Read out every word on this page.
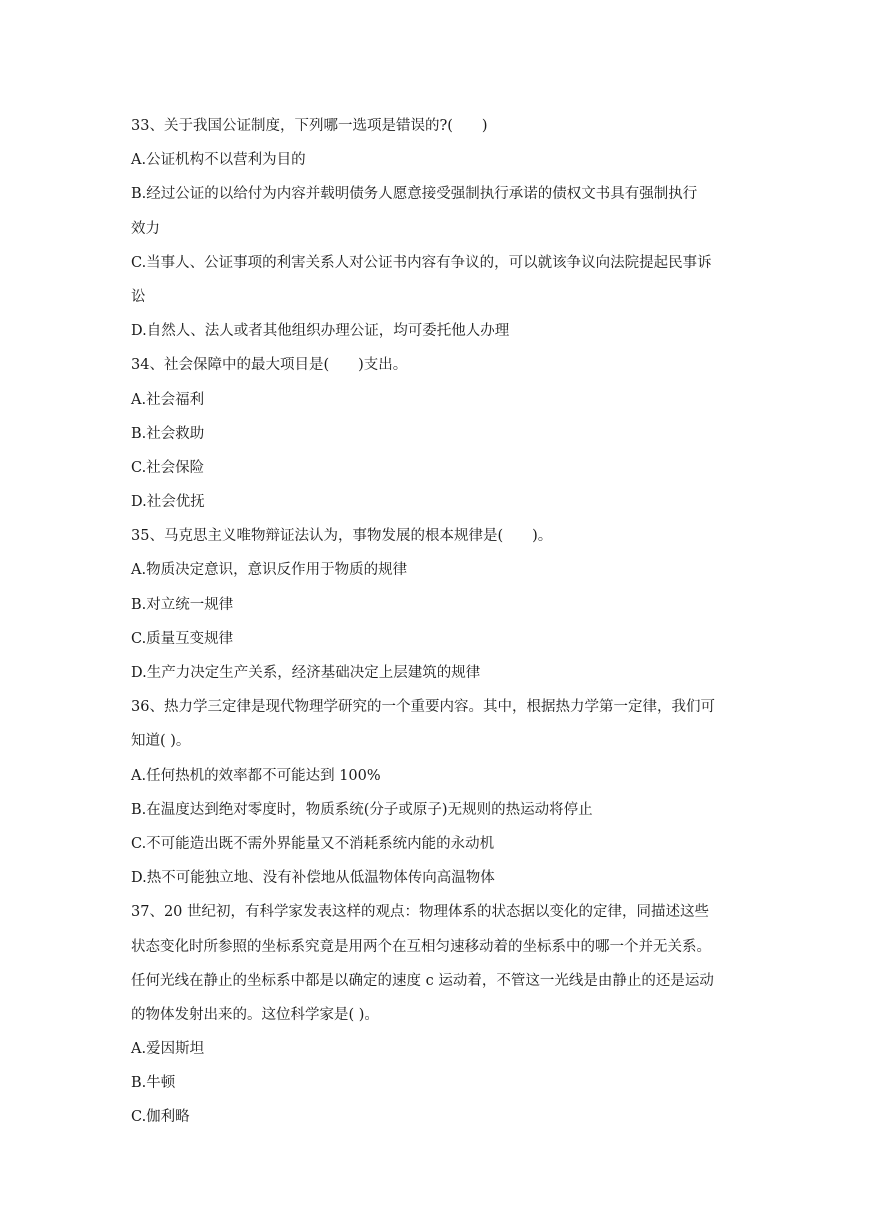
33、关于我国公证制度，下列哪一选项是错误的?(　　)

A.公证机构不以营利为目的

B.经过公证的以给付为内容并载明债务人愿意接受强制执行承诺的债权文书具有强制执行

效力

C.当事人、公证事项的利害关系人对公证书内容有争议的，可以就该争议向法院提起民事诉

讼

D.自然人、法人或者其他组织办理公证，均可委托他人办理

34、社会保障中的最大项目是(　　)支出。

A.社会福利

B.社会救助

C.社会保险

D.社会优抚

35、马克思主义唯物辩证法认为，事物发展的根本规律是(　　)。

A.物质决定意识，意识反作用于物质的规律

B.对立统一规律

C.质量互变规律

D.生产力决定生产关系，经济基础决定上层建筑的规律

36、热力学三定律是现代物理学研究的一个重要内容。其中，根据热力学第一定律，我们可

知道( )。

A.任何热机的效率都不可能达到 100%

B.在温度达到绝对零度时，物质系统(分子或原子)无规则的热运动将停止

C.不可能造出既不需外界能量又不消耗系统内能的永动机

D.热不可能独立地、没有补偿地从低温物体传向高温物体

37、20 世纪初，有科学家发表这样的观点：物理体系的状态据以变化的定律，同描述这些

状态变化时所参照的坐标系究竟是用两个在互相匀速移动着的坐标系中的哪一个并无关系。

任何光线在静止的坐标系中都是以确定的速度 c 运动着，不管这一光线是由静止的还是运动

的物体发射出来的。这位科学家是( )。

A.爱因斯坦

B.牛顿

C.伽利略
